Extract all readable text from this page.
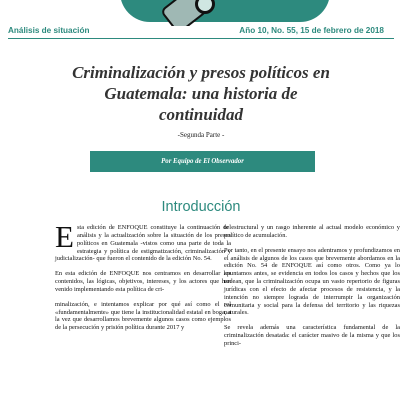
Análisis de situación	Año 10, No. 55, 15 de febrero de 2018
Criminalización y presos políticos en
Guatemala: una historia de
continuidad
-Segunda Parte -
Por Equipo de El Observador
Introducción

Esta edición de ENFOQUE constituye la continuación del análisis y la actualización sobre la situación de los presos políticos en Guatemala -vistos como una parte de toda la estrategia y política de estigmatización, criminalización y judicialización- que fueron el contenido de la edición No. 54.

En esta edición de ENFOQUE nos centramos en desarrollar los contenidos, las lógicas, objetivos, intereses, y los actores que han venido implementando esta política de cri-

minalización, e intentamos explicar por qué así como el rol «fundamentalmente» que tiene la institucionalidad estatal en boga, a la vez que desarrollamos brevemente algunos casos como ejemplos de la persecución y prisión política durante 2017 y

te estructural y un rasgo inherente al actual modelo económico y político de acumulación.

Por tanto, en el presente ensayo nos adentramos y profundizamos en el análisis de algunos de los casos que brevemente abordamos en la edición No. 54 de ENFOQUE así como otros. Como ya lo apuntamos antes, se evidencia en todos los casos y hechos que los rodean, que la criminalización ocupa un vasto repertorio de figuras jurídicas con el efecto de afectar procesos de resistencia, y la intención no siempre lograda de interrumpir la organización comunitaria y social para la defensa del territorio y las riquezas naturales.

Se revela además una característica fundamental de la criminalización desatada: el carácter masivo de la misma y que los princi-
